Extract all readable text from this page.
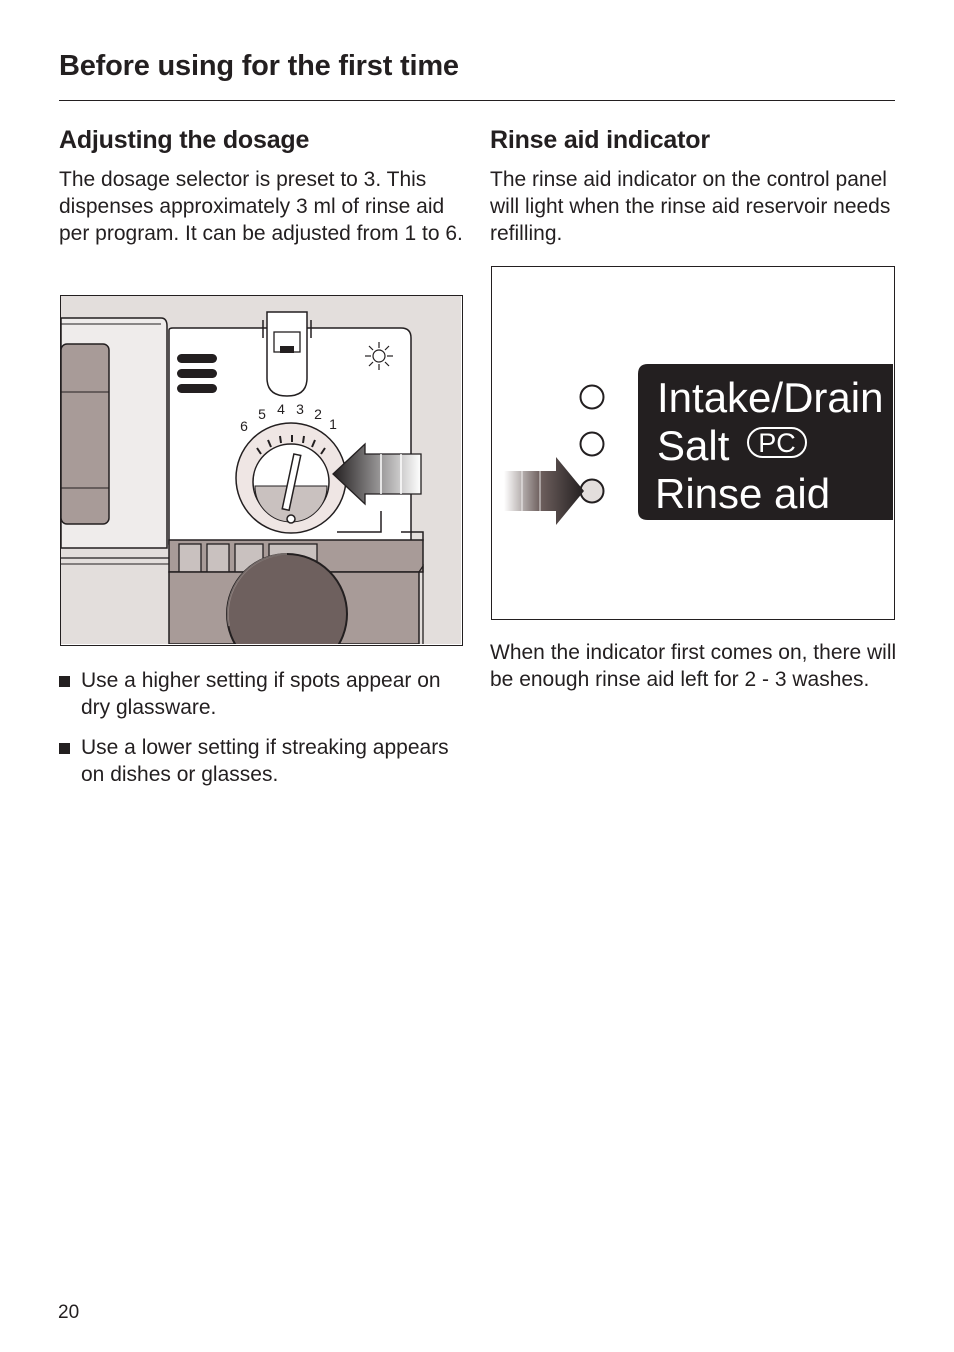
Before using for the first time
Adjusting the dosage

The dosage selector is preset to 3. This dispenses approximately 3 ml of rinse aid per program. It can be adjusted from 1 to 6.

6
5 4 3 2
1
Use a higher setting if spots appear on dry glassware.
Use a lower setting if streaking appears on dishes or glasses.
Rinse aid indicator

The rinse aid indicator on the control panel will light when the rinse aid reservoir needs refilling.

Intake/Drain
Salt PC
Rinse aid

When the indicator first comes on, there will be enough rinse aid left for 2 - 3 washes.

20
